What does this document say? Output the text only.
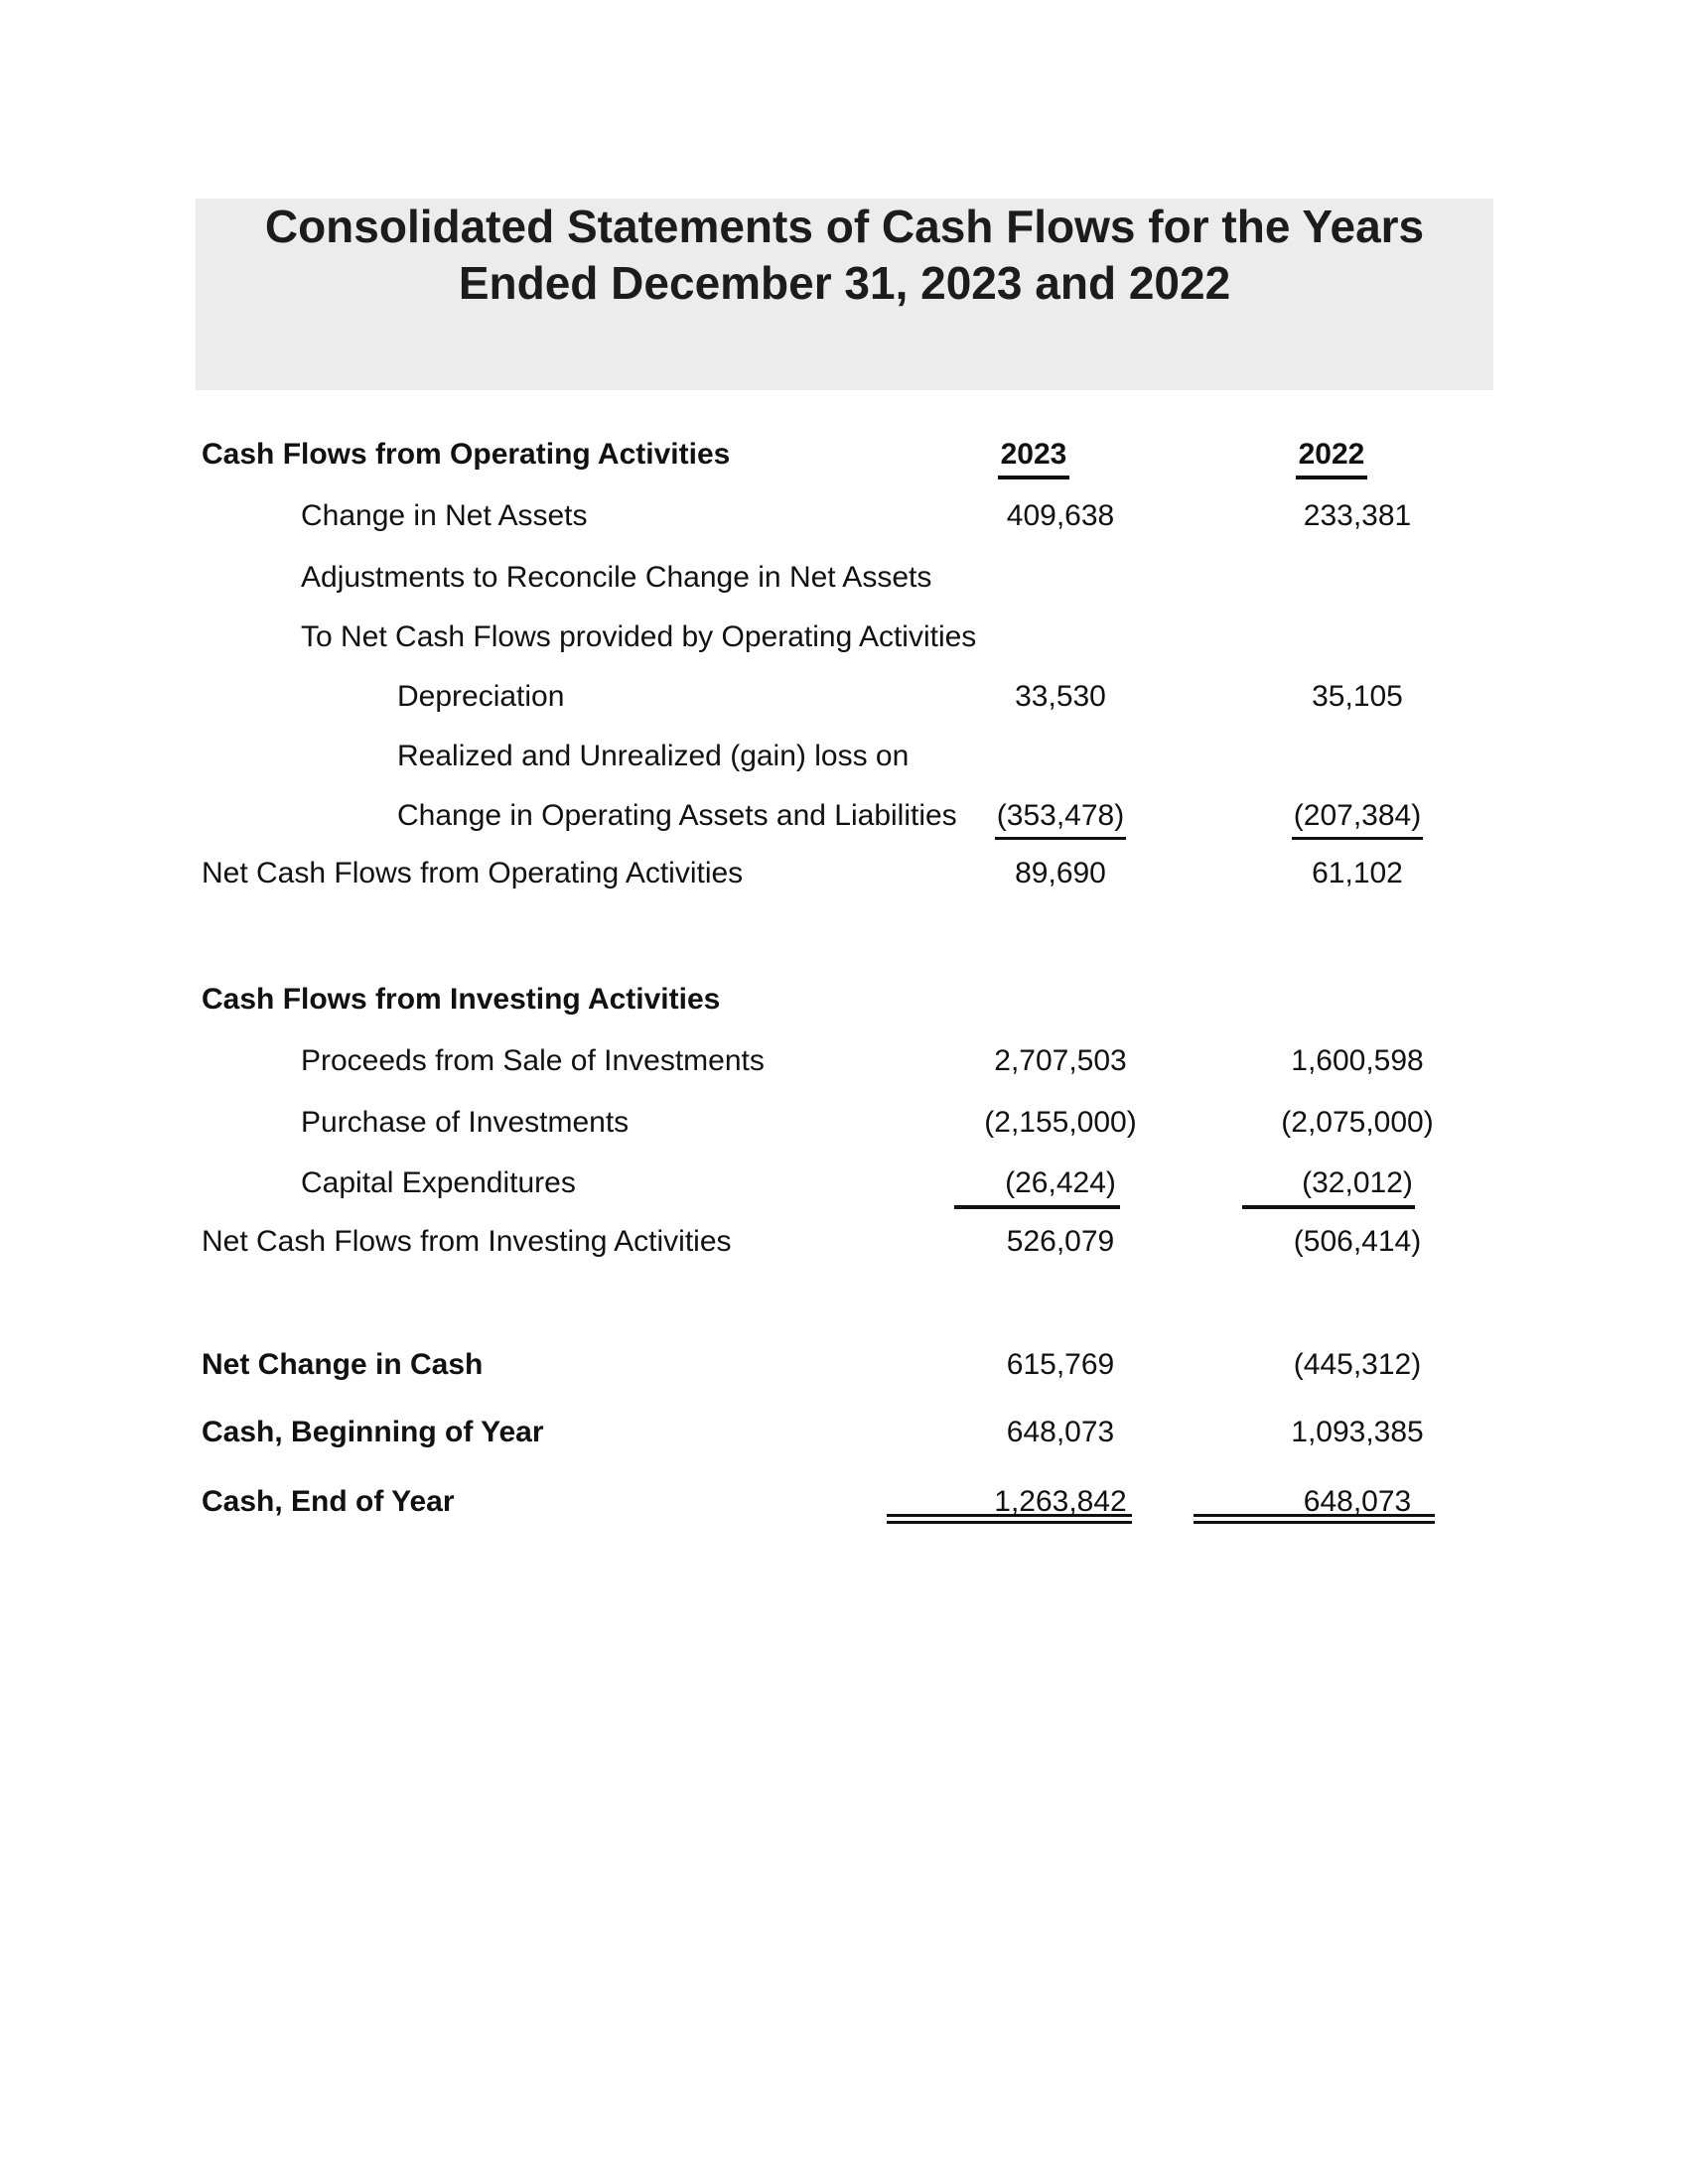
Consolidated Statements of Cash Flows for the Years
Ended December 31, 2023 and 2022
Cash Flows from Operating Activities	2023	2022
Change in Net Assets	409,638	233,381
Adjustments to Reconcile Change in Net Assets
To Net Cash Flows provided by Operating Activities
Depreciation	33,530	35,105
Realized and Unrealized (gain) loss on
Change in Operating Assets and Liabilities	(353,478)	(207,384)
Net Cash Flows from Operating Activities	89,690	61,102
Cash Flows from Investing Activities
Proceeds from Sale of Investments	2,707,503	1,600,598
Purchase of Investments	(2,155,000)	(2,075,000)
Capital Expenditures	(26,424)	(32,012)
Net Cash Flows from Investing Activities	526,079	(506,414)
Net Change in Cash	615,769	(445,312)
Cash, Beginning of Year	648,073	1,093,385
Cash, End of Year	1,263,842	648,073
